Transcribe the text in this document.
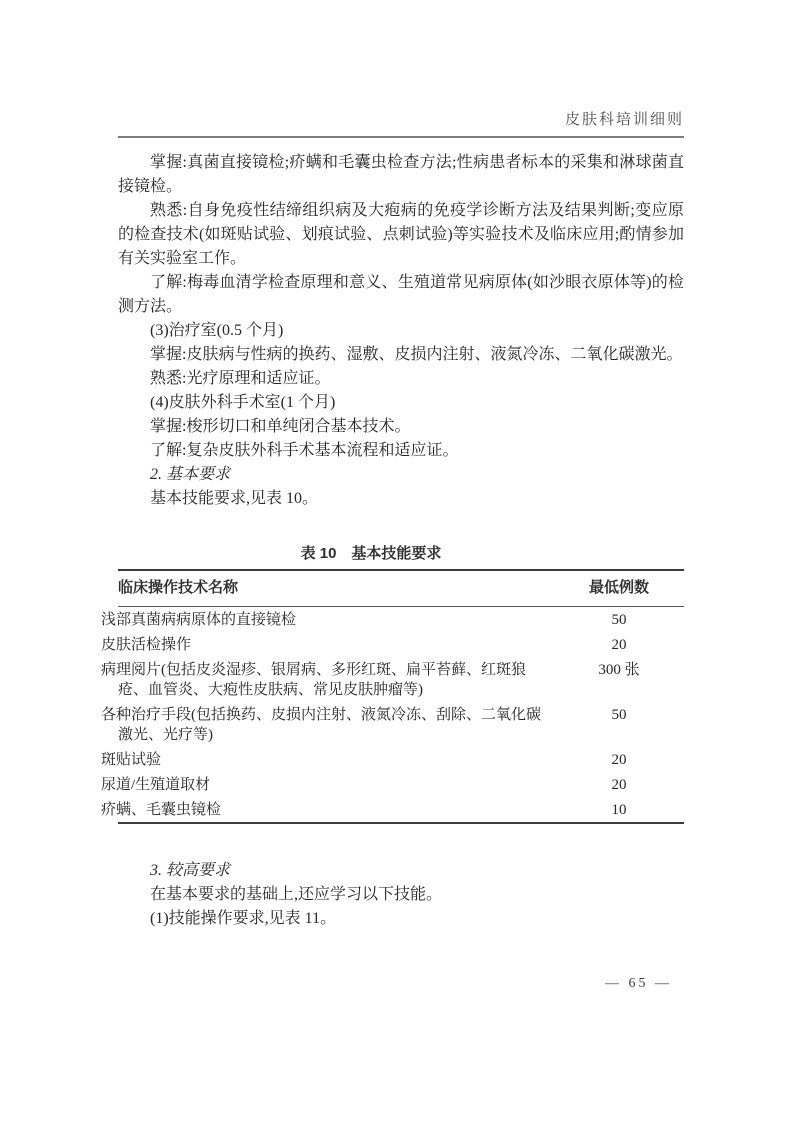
皮肤科培训细则

掌握:真菌直接镜检;疥螨和毛囊虫检查方法;性病患者标本的采集和淋球菌直接镜检。

熟悉:自身免疫性结缔组织病及大疱病的免疫学诊断方法及结果判断;变应原的检查技术(如斑贴试验、划痕试验、点刺试验)等实验技术及临床应用;酌情参加有关实验室工作。

了解:梅毒血清学检查原理和意义、生殖道常见病原体(如沙眼衣原体等)的检测方法。

(3)治疗室(0.5 个月)

掌握:皮肤病与性病的换药、湿敷、皮损内注射、液氮冷冻、二氧化碳激光。

熟悉:光疗原理和适应证。

(4)皮肤外科手术室(1 个月)

掌握:梭形切口和单纯闭合基本技术。

了解:复杂皮肤外科手术基本流程和适应证。

2. 基本要求

基本技能要求,见表 10。

表 10　基本技能要求
临床操作技术名称	最低例数
浅部真菌病病原体的直接镜检	50
皮肤活检操作	20
病理阅片(包括皮炎湿疹、银屑病、多形红斑、扁平苔藓、红斑狼疮、血管炎、大疱性皮肤病、常见皮肤肿瘤等)	300 张
各种治疗手段(包括换药、皮损内注射、液氮冷冻、刮除、二氧化碳激光、光疗等)	50
斑贴试验	20
尿道/生殖道取材	20
疥螨、毛囊虫镜检	10

3. 较高要求

在基本要求的基础上,还应学习以下技能。

(1)技能操作要求,见表 11。

— 65 —
